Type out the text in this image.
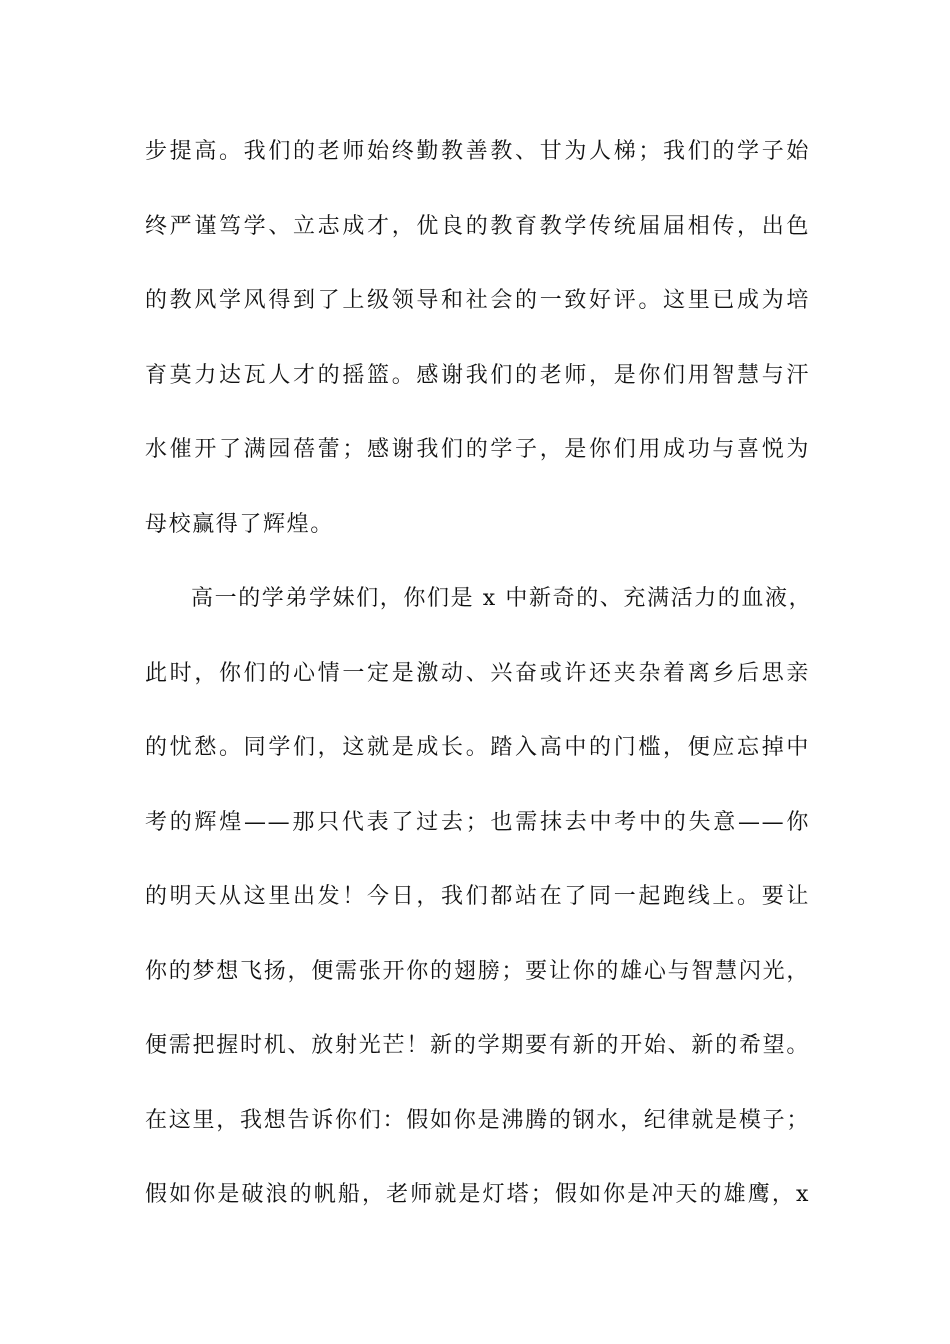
步提高。我们的老师始终勤教善教、甘为人梯；我们的学子始
终严谨笃学、立志成才，优良的教育教学传统届届相传，出色
的教风学风得到了上级领导和社会的一致好评。这里已成为培
育莫力达瓦人才的摇篮。感谢我们的老师，是你们用智慧与汗
水催开了满园蓓蕾；感谢我们的学子，是你们用成功与喜悦为
母校赢得了辉煌。
高一的学弟学妹们，你们是 x 中新奇的、充满活力的血液，
此时，你们的心情一定是激动、兴奋或许还夹杂着离乡后思亲
的忧愁。同学们，这就是成长。踏入高中的门槛，便应忘掉中
考的辉煌——那只代表了过去；也需抹去中考中的失意——你
的明天从这里出发！今日，我们都站在了同一起跑线上。要让
你的梦想飞扬，便需张开你的翅膀；要让你的雄心与智慧闪光，
便需把握时机、放射光芒！新的学期要有新的开始、新的希望。
在这里，我想告诉你们：假如你是沸腾的钢水，纪律就是模子；
假如你是破浪的帆船，老师就是灯塔；假如你是冲天的雄鹰，x
